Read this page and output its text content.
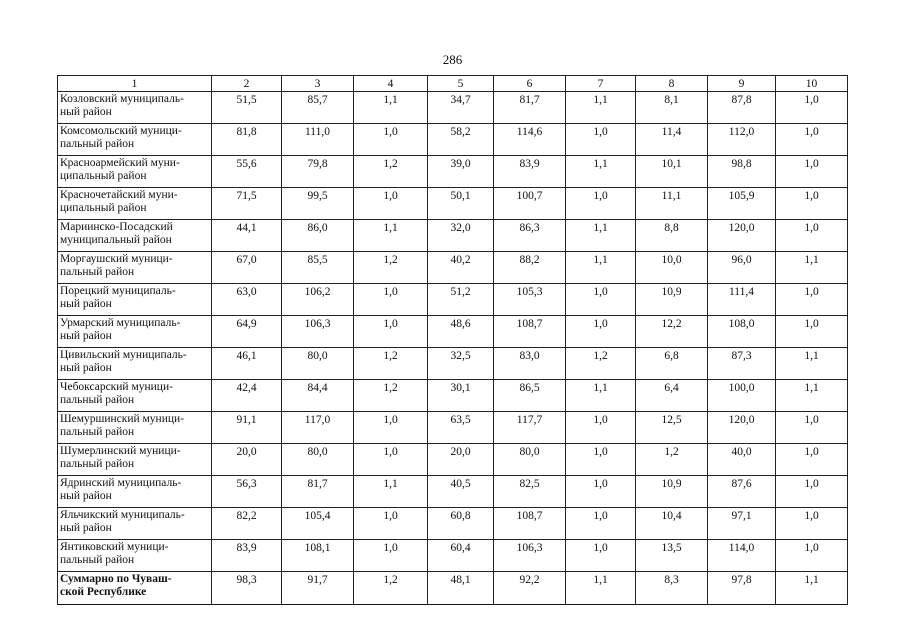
286
1	2	3	4	5	6	7	8	9	10
Козловский муниципаль-
ный район	51,5	85,7	1,1	34,7	81,7	1,1	8,1	87,8	1,0
Комсомольский муници-
пальный район	81,8	111,0	1,0	58,2	114,6	1,0	11,4	112,0	1,0
Красноармейский муни-
ципальный район	55,6	79,8	1,2	39,0	83,9	1,1	10,1	98,8	1,0
Красночетайский муни-
ципальный район	71,5	99,5	1,0	50,1	100,7	1,0	11,1	105,9	1,0
Мариинско-Посадский
муниципальный район	44,1	86,0	1,1	32,0	86,3	1,1	8,8	120,0	1,0
Моргаушский муници-
пальный район	67,0	85,5	1,2	40,2	88,2	1,1	10,0	96,0	1,1
Порецкий муниципаль-
ный район	63,0	106,2	1,0	51,2	105,3	1,0	10,9	111,4	1,0
Урмарский муниципаль-
ный район	64,9	106,3	1,0	48,6	108,7	1,0	12,2	108,0	1,0
Цивильский муниципаль-
ный район	46,1	80,0	1,2	32,5	83,0	1,2	6,8	87,3	1,1
Чебоксарский муници-
пальный район	42,4	84,4	1,2	30,1	86,5	1,1	6,4	100,0	1,1
Шемуршинский муници-
пальный район	91,1	117,0	1,0	63,5	117,7	1,0	12,5	120,0	1,0
Шумерлинский муници-
пальный район	20,0	80,0	1,0	20,0	80,0	1,0	1,2	40,0	1,0
Ядринский муниципаль-
ный район	56,3	81,7	1,1	40,5	82,5	1,0	10,9	87,6	1,0
Яльчикский муниципаль-
ный район	82,2	105,4	1,0	60,8	108,7	1,0	10,4	97,1	1,0
Янтиковский муници-
пальный район	83,9	108,1	1,0	60,4	106,3	1,0	13,5	114,0	1,0
Суммарно по Чуваш-
ской Республике	98,3	91,7	1,2	48,1	92,2	1,1	8,3	97,8	1,1
